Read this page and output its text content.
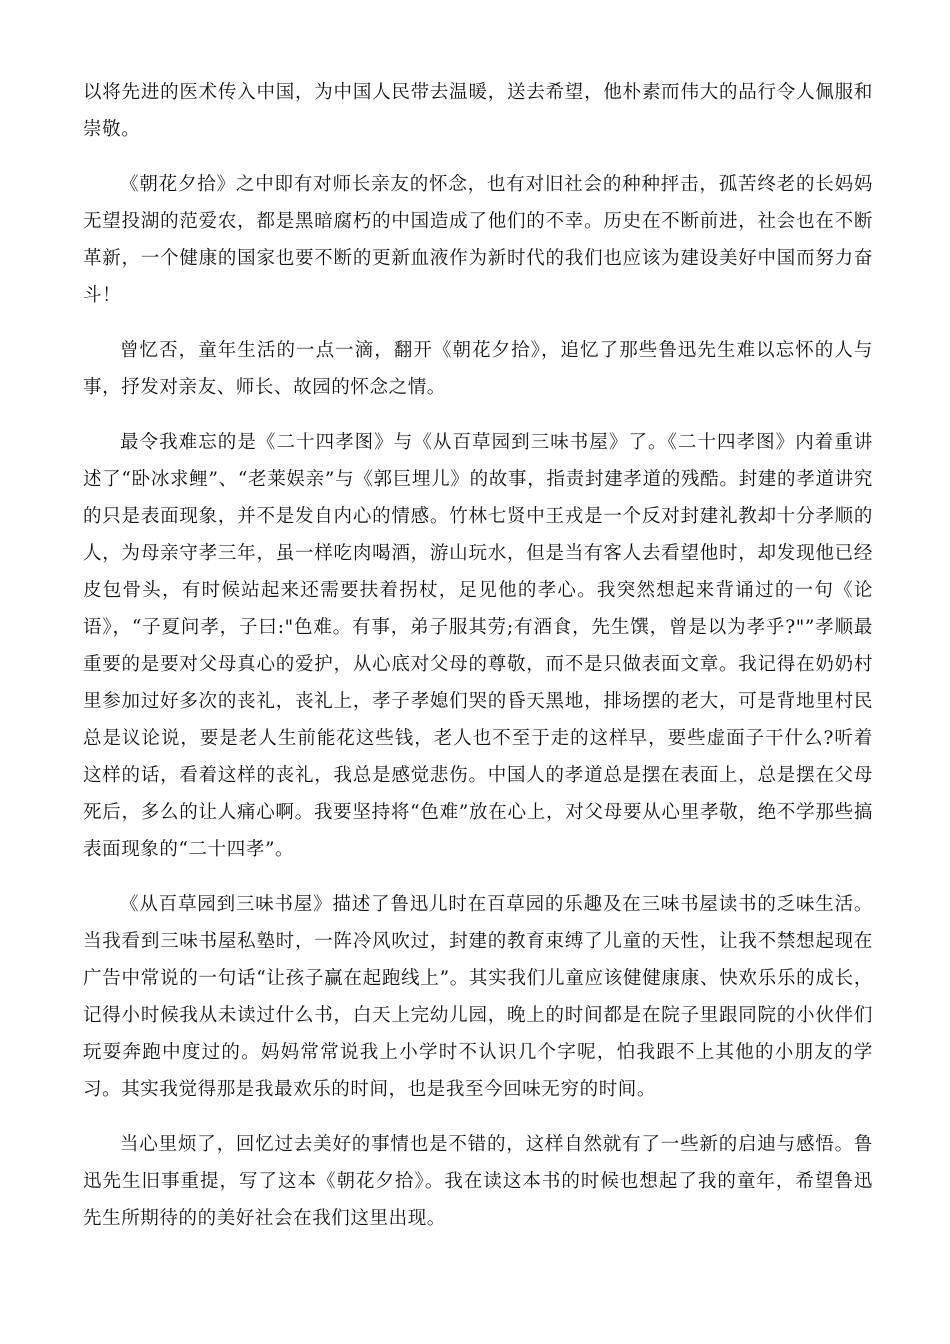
以将先进的医术传入中国，为中国人民带去温暖，送去希望，他朴素而伟大的品行令人佩服和崇敬。

《朝花夕拾》之中即有对师长亲友的怀念，也有对旧社会的种种抨击，孤苦终老的长妈妈无望投湖的范爱农，都是黑暗腐朽的中国造成了他们的不幸。历史在不断前进，社会也在不断革新，一个健康的国家也要不断的更新血液作为新时代的我们也应该为建设美好中国而努力奋斗！

曾忆否，童年生活的一点一滴，翻开《朝花夕拾》，追忆了那些鲁迅先生难以忘怀的人与事，抒发对亲友、师长、故园的怀念之情。

最令我难忘的是《二十四孝图》与《从百草园到三味书屋》了。《二十四孝图》内着重讲述了“卧冰求鲤”、“老莱娱亲”与《郭巨埋儿》的故事，指责封建孝道的残酷。封建的孝道讲究的只是表面现象，并不是发自内心的情感。竹林七贤中王戎是一个反对封建礼教却十分孝顺的人，为母亲守孝三年，虽一样吃肉喝酒，游山玩水，但是当有客人去看望他时，却发现他已经皮包骨头，有时候站起来还需要扶着拐杖，足见他的孝心。我突然想起来背诵过的一句《论语》，“子夏问孝，子曰:"色难。有事，弟子服其劳;有酒食，先生馔，曾是以为孝乎?"”孝顺最重要的是要对父母真心的爱护，从心底对父母的尊敬，而不是只做表面文章。我记得在奶奶村里参加过好多次的丧礼，丧礼上，孝子孝媳们哭的昏天黑地，排场摆的老大，可是背地里村民总是议论说，要是老人生前能花这些钱，老人也不至于走的这样早，要些虚面子干什么?听着这样的话，看着这样的丧礼，我总是感觉悲伤。中国人的孝道总是摆在表面上，总是摆在父母死后，多么的让人痛心啊。我要坚持将“色难”放在心上，对父母要从心里孝敬，绝不学那些搞表面现象的“二十四孝”。

《从百草园到三味书屋》描述了鲁迅儿时在百草园的乐趣及在三味书屋读书的乏味生活。当我看到三味书屋私塾时，一阵冷风吹过，封建的教育束缚了儿童的天性，让我不禁想起现在广告中常说的一句话“让孩子赢在起跑线上”。其实我们儿童应该健健康康、快欢乐乐的成长，记得小时候我从未读过什么书，白天上完幼儿园，晚上的时间都是在院子里跟同院的小伙伴们玩耍奔跑中度过的。妈妈常常说我上小学时不认识几个字呢，怕我跟不上其他的小朋友的学习。其实我觉得那是我最欢乐的时间，也是我至今回味无穷的时间。

当心里烦了，回忆过去美好的事情也是不错的，这样自然就有了一些新的启迪与感悟。鲁迅先生旧事重提，写了这本《朝花夕拾》。我在读这本书的时候也想起了我的童年，希望鲁迅先生所期待的的美好社会在我们这里出现。
